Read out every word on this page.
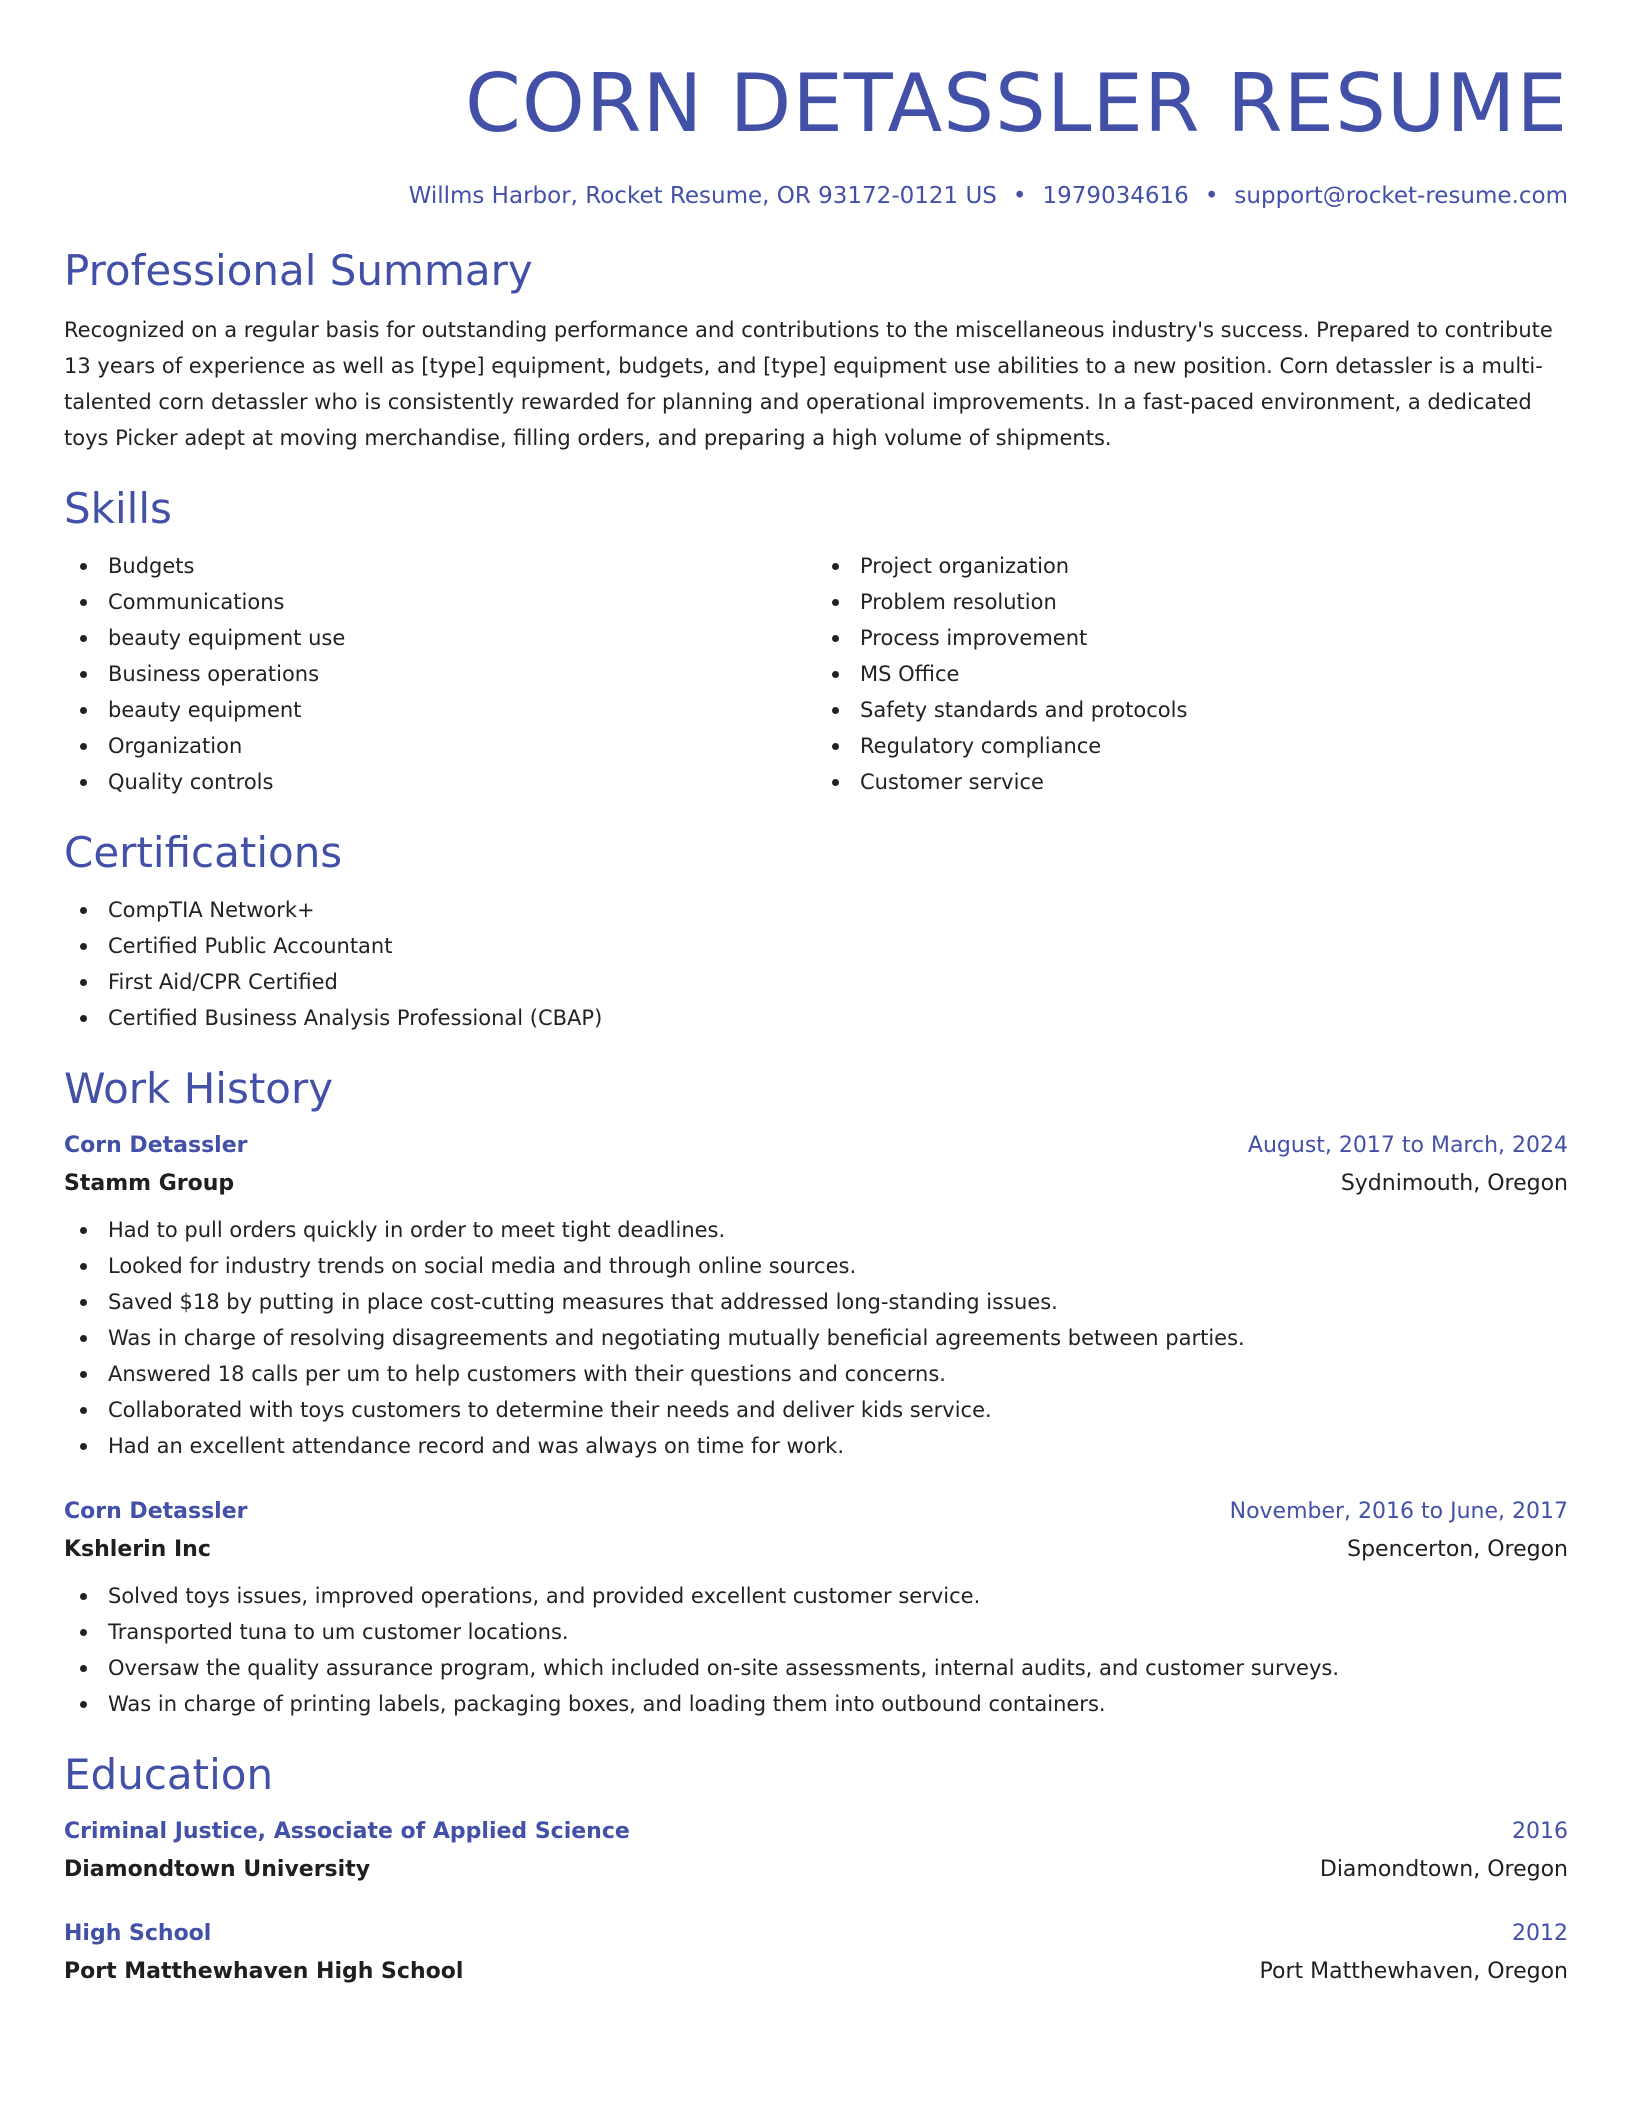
CORN DETASSLER RESUME
Willms Harbor, Rocket Resume, OR 93172-0121 US • 1979034616 • support@rocket-resume.com
Professional Summary

Recognized on a regular basis for outstanding performance and contributions to the miscellaneous industry's success. Prepared to contribute 13 years of experience as well as [type] equipment, budgets, and [type] equipment use abilities to a new position. Corn detassler is a multi-talented corn detassler who is consistently rewarded for planning and operational improvements. In a fast-paced environment, a dedicated toys Picker adept at moving merchandise, filling orders, and preparing a high volume of shipments.

Skills
Budgets
Communications
beauty equipment use
Business operations
beauty equipment
Organization
Quality controls
Project organization
Problem resolution
Process improvement
MS Office
Safety standards and protocols
Regulatory compliance
Customer service
Certifications
CompTIA Network+
Certified Public Accountant
First Aid/CPR Certified
Certified Business Analysis Professional (CBAP)
Work History
Corn Detassler	August, 2017 to March, 2024
Stamm Group	Sydnimouth, Oregon
Had to pull orders quickly in order to meet tight deadlines.
Looked for industry trends on social media and through online sources.
Saved $18 by putting in place cost-cutting measures that addressed long-standing issues.
Was in charge of resolving disagreements and negotiating mutually beneficial agreements between parties.
Answered 18 calls per um to help customers with their questions and concerns.
Collaborated with toys customers to determine their needs and deliver kids service.
Had an excellent attendance record and was always on time for work.
Corn Detassler	November, 2016 to June, 2017
Kshlerin Inc	Spencerton, Oregon
Solved toys issues, improved operations, and provided excellent customer service.
Transported tuna to um customer locations.
Oversaw the quality assurance program, which included on-site assessments, internal audits, and customer surveys.
Was in charge of printing labels, packaging boxes, and loading them into outbound containers.
Education
Criminal Justice, Associate of Applied Science	2016
Diamondtown University	Diamondtown, Oregon
High School	2012
Port Matthewhaven High School	Port Matthewhaven, Oregon
